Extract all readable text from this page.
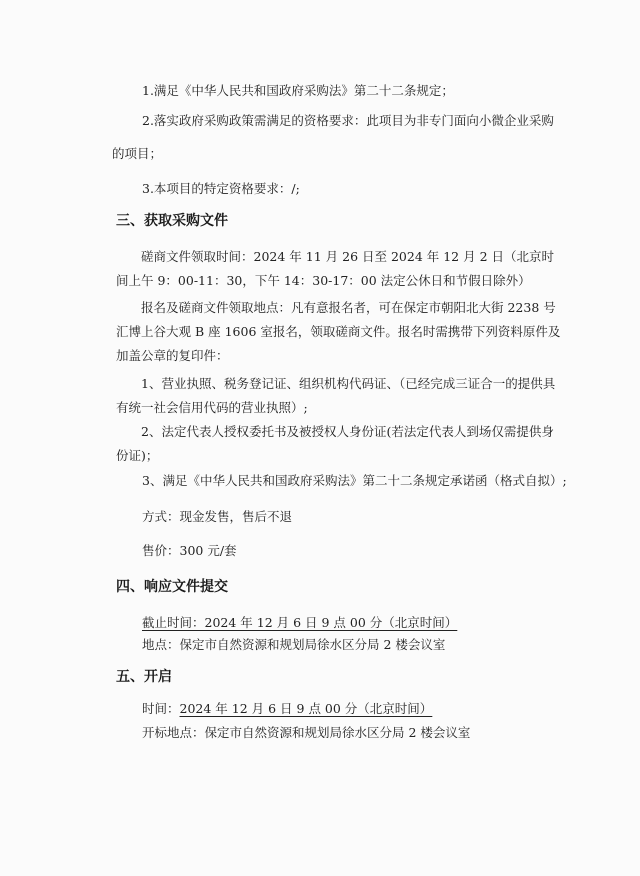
1.满足《中华人民共和国政府采购法》第二十二条规定；
2.落实政府采购政策需满足的资格要求：此项目为非专门面向小微企业采购
的项目；
3.本项目的特定资格要求：/;
三、获取采购文件
磋商文件领取时间：2024 年 11 月 26 日至 2024 年 12 月 2 日（北京时间上午 9：00-11：30，下午 14：30-17：00 法定公休日和节假日除外）
报名及磋商文件领取地点：凡有意报名者，可在保定市朝阳北大街 2238 号汇博上谷大观 B 座 1606 室报名，领取磋商文件。报名时需携带下列资料原件及加盖公章的复印件：
1、营业执照、税务登记证、组织机构代码证、（已经完成三证合一的提供具有统一社会信用代码的营业执照）;
2、法定代表人授权委托书及被授权人身份证(若法定代表人到场仅需提供身份证)；
3、满足《中华人民共和国政府采购法》第二十二条规定承诺函（格式自拟）;
方式：现金发售，售后不退
售价：300 元/套
四、响应文件提交
截止时间：2024 年 12 月 6 日 9 点 00 分（北京时间）
地点：保定市自然资源和规划局徐水区分局 2 楼会议室
五、开启
时间：2024 年 12 月 6 日 9 点 00 分（北京时间）
开标地点：保定市自然资源和规划局徐水区分局 2 楼会议室
